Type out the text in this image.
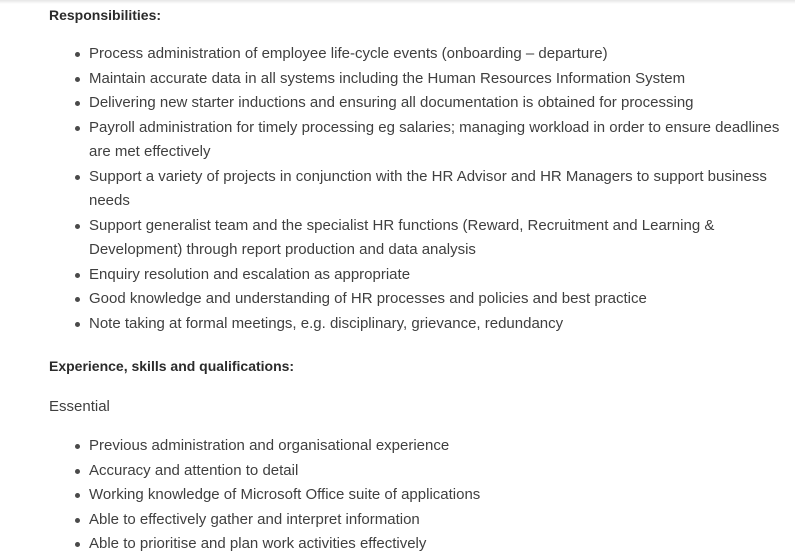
Responsibilities:
Process administration of employee life-cycle events (onboarding – departure)
Maintain accurate data in all systems including the Human Resources Information System
Delivering new starter inductions and ensuring all documentation is obtained for processing
Payroll administration for timely processing eg salaries; managing workload in order to ensure deadlines are met effectively
Support a variety of projects in conjunction with the HR Advisor and HR Managers to support business needs
Support generalist team and the specialist HR functions (Reward, Recruitment and Learning & Development) through report production and data analysis
Enquiry resolution and escalation as appropriate
Good knowledge and understanding of HR processes and policies and best practice
Note taking at formal meetings, e.g. disciplinary, grievance, redundancy
Experience, skills and qualifications:
Essential
Previous administration and organisational experience
Accuracy and attention to detail
Working knowledge of Microsoft Office suite of applications
Able to effectively gather and interpret information
Able to prioritise and plan work activities effectively
